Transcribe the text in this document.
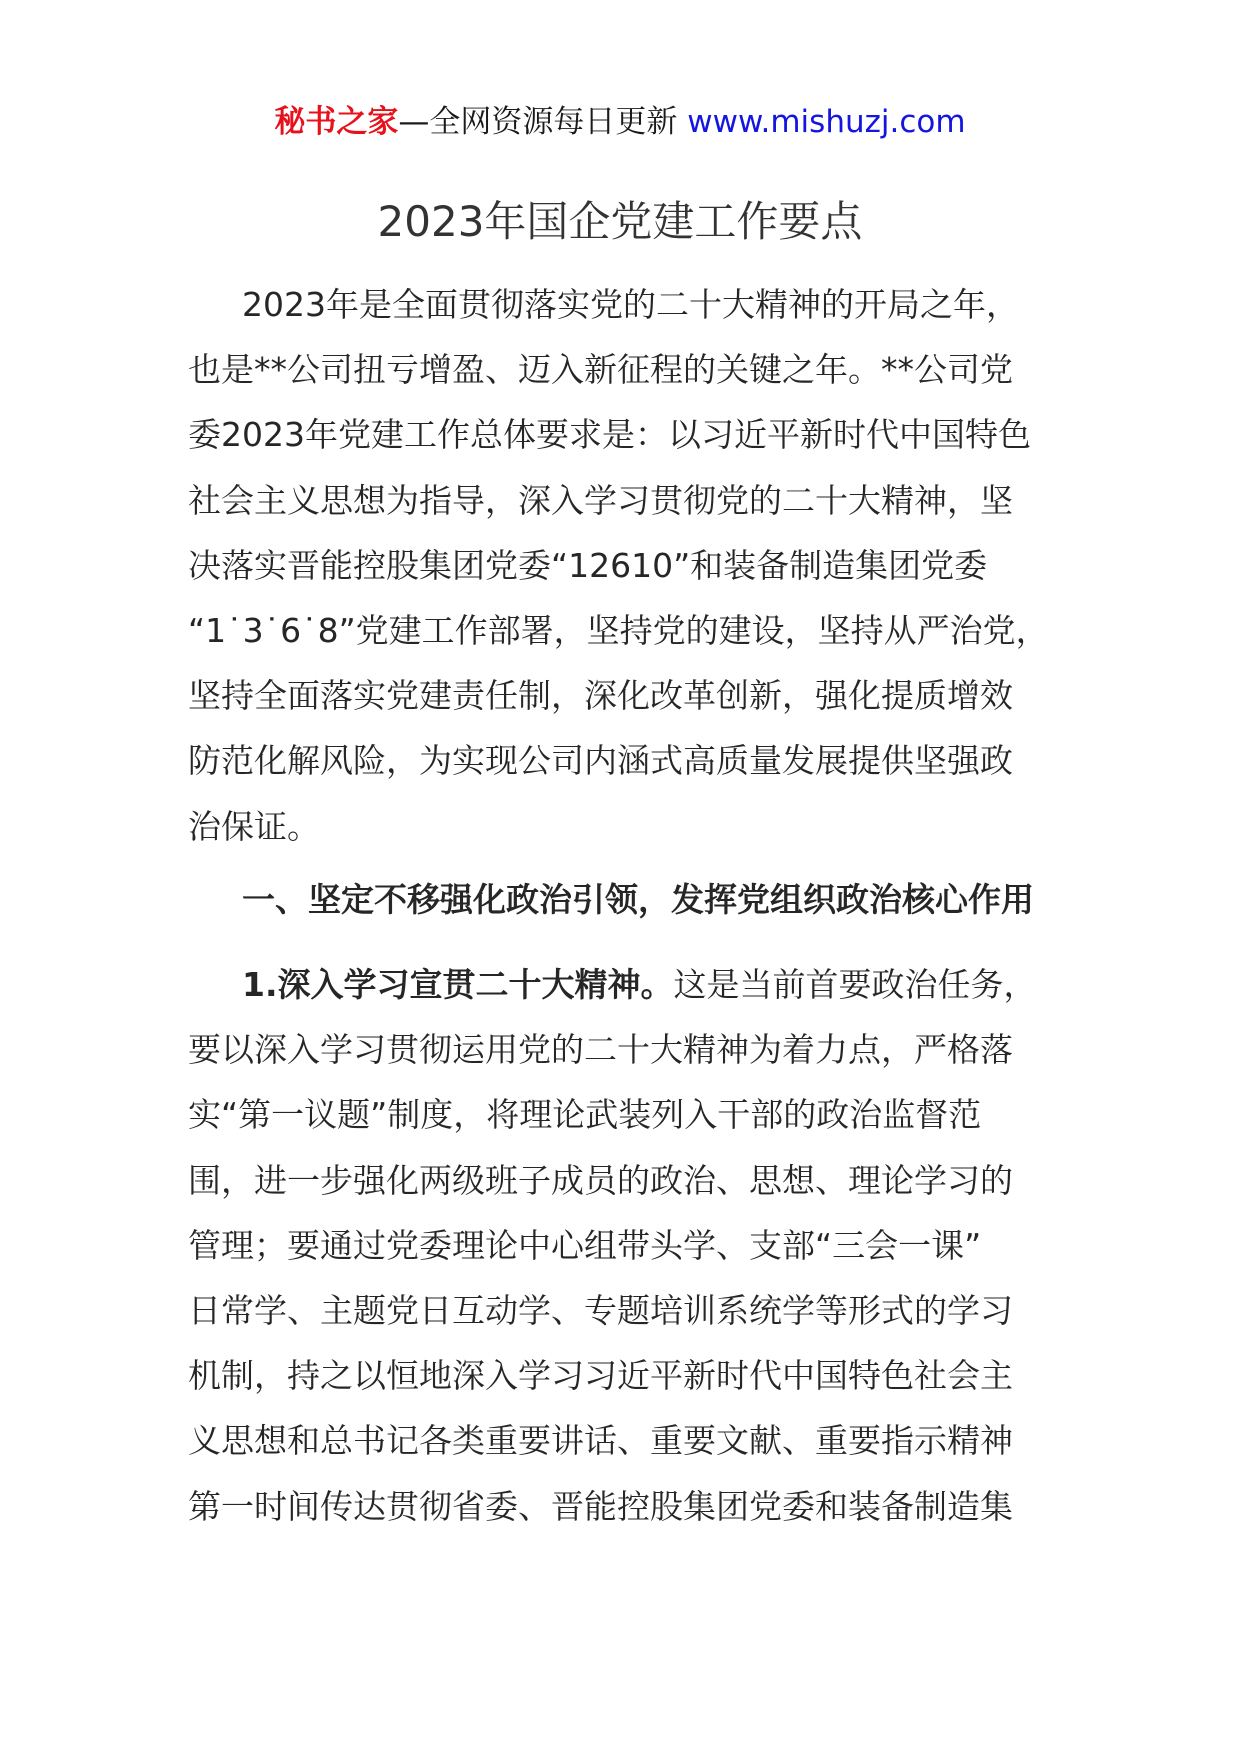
秘书之家—全网资源每日更新 www.mishuzj.com
2023年国企党建工作要点
2023年是全面贯彻落实党的二十大精神的开局之年，
也是**公司扭亏增盈、迈入新征程的关键之年。**公司党
委2023年党建工作总体要求是：以习近平新时代中国特色
社会主义思想为指导，深入学习贯彻党的二十大精神，坚
决落实晋能控股集团党委“12610”和装备制造集团党委
“1˙3˙6˙8”党建工作部署，坚持党的建设，坚持从严治党，
坚持全面落实党建责任制，深化改革创新，强化提质增效
防范化解风险，为实现公司内涵式高质量发展提供坚强政
治保证。
一、坚定不移强化政治引领，发挥党组织政治核心作用
1.深入学习宣贯二十大精神。这是当前首要政治任务，
要以深入学习贯彻运用党的二十大精神为着力点，严格落
实“第一议题”制度，将理论武装列入干部的政治监督范
围，进一步强化两级班子成员的政治、思想、理论学习的
管理；要通过党委理论中心组带头学、支部“三会一课”
日常学、主题党日互动学、专题培训系统学等形式的学习
机制，持之以恒地深入学习习近平新时代中国特色社会主
义思想和总书记各类重要讲话、重要文献、重要指示精神
第一时间传达贯彻省委、晋能控股集团党委和装备制造集
